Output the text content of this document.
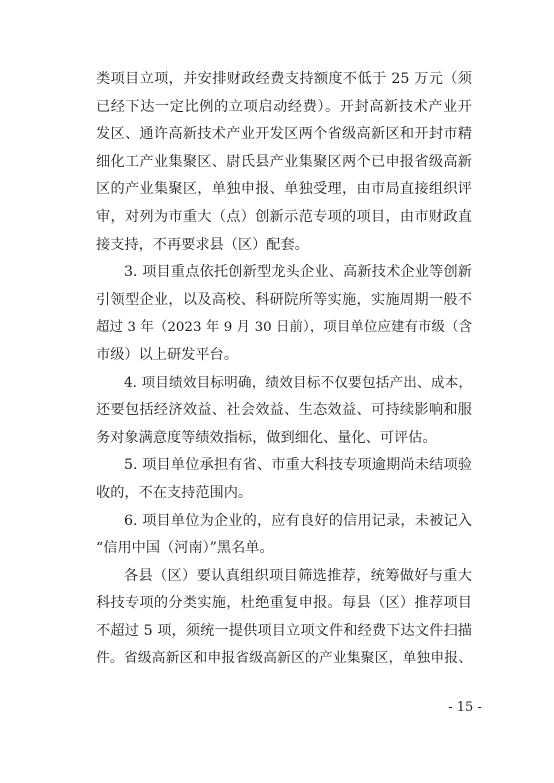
类项目立项，并安排财政经费支持额度不低于 25 万元（须
已经下达一定比例的立项启动经费）。开封高新技术产业开
发区、通许高新技术产业开发区两个省级高新区和开封市精
细化工产业集聚区、尉氏县产业集聚区两个已申报省级高新
区的产业集聚区，单独申报、单独受理，由市局直接组织评
审，对列为市重大（点）创新示范专项的项目，由市财政直
接支持，不再要求县（区）配套。
3. 项目重点依托创新型龙头企业、高新技术企业等创新
引领型企业，以及高校、科研院所等实施，实施周期一般不
超过 3 年（2023 年 9 月 30 日前），项目单位应建有市级（含
市级）以上研发平台。
4. 项目绩效目标明确，绩效目标不仅要包括产出、成本，
还要包括经济效益、社会效益、生态效益、可持续影响和服
务对象满意度等绩效指标，做到细化、量化、可评估。
5. 项目单位承担有省、市重大科技专项逾期尚未结项验
收的，不在支持范围内。
6. 项目单位为企业的，应有良好的信用记录，未被记入
“信用中国（河南）”黑名单。
各县（区）要认真组织项目筛选推荐，统筹做好与重大
科技专项的分类实施，杜绝重复申报。每县（区）推荐项目
不超过 5 项，须统一提供项目立项文件和经费下达文件扫描
件。省级高新区和申报省级高新区的产业集聚区，单独申报、
- 15 -
